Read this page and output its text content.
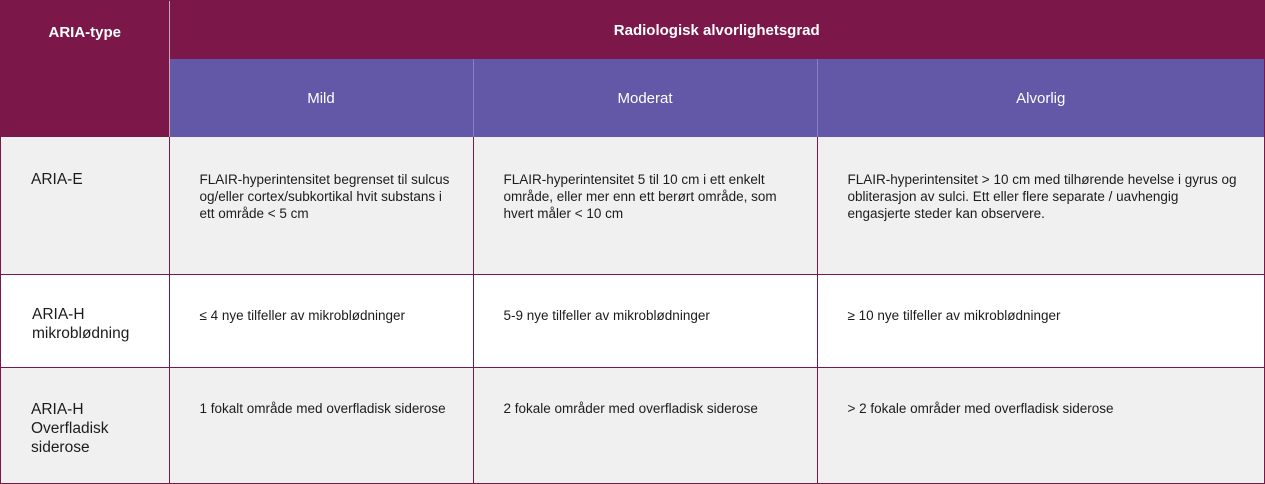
ARIA-type	Radiologisk alvorlighetsgrad		
	Mild	Moderat	Alvorlig
ARIA-E	FLAIR-hyperintensitet begrenset til sulcus og/eller cortex/subkortikal hvit substans i ett område < 5 cm	FLAIR-hyperintensitet 5 til 10 cm i ett enkelt område, eller mer enn ett berørt område, som hvert måler < 10 cm	FLAIR-hyperintensitet > 10 cm med tilhørende hevelse i gyrus og obliterasjon av sulci. Ett eller flere separate / uavhengig engasjerte steder kan observere.
ARIA-H mikroblødning	≤ 4 nye tilfeller av mikroblødninger	5-9 nye tilfeller av mikroblødninger	≥ 10 nye tilfeller av mikroblødninger
ARIA-H Overfladisk siderose	1 fokalt område med overfladisk siderose	2 fokale områder med overfladisk siderose	> 2 fokale områder med overfladisk siderose
